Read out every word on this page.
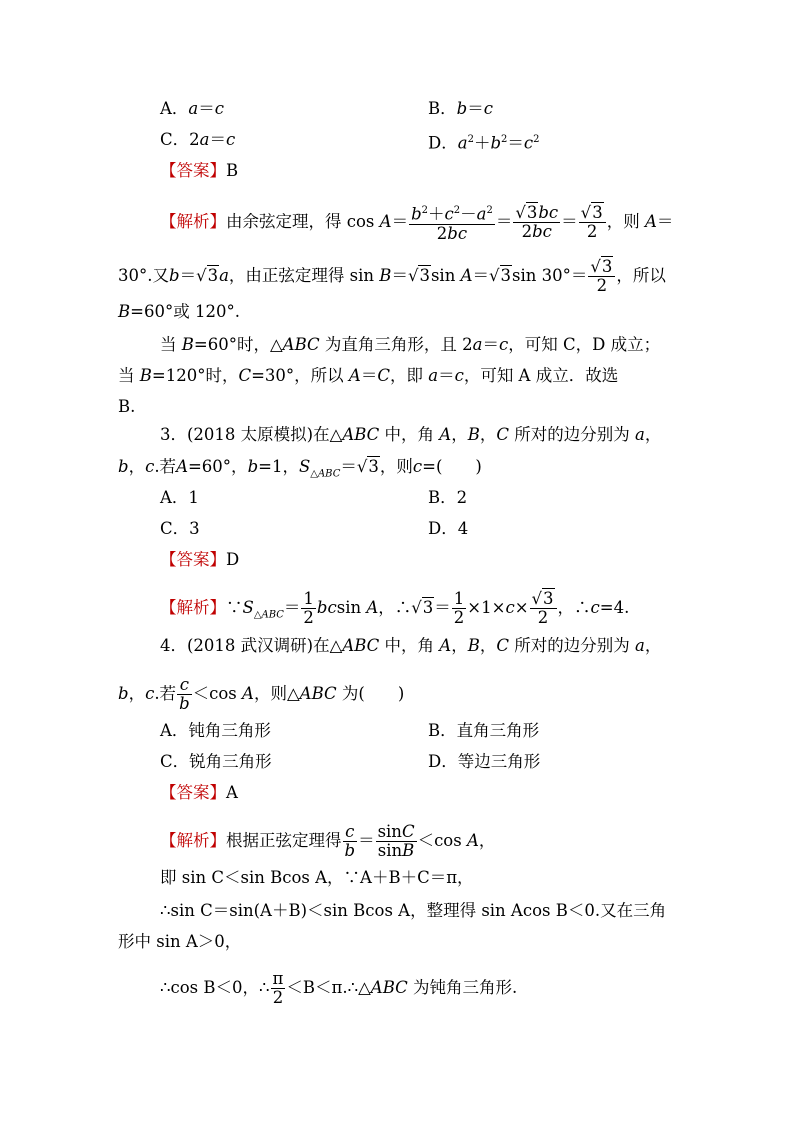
A．a＝c	B．b＝c
C．2a＝c	D．$a^2+b^2=c^2$
【答案】B
【解析】由余弦定理，得 $\cos A= \frac{b^2+c^2-a^2}{2bc} = \frac{√3bc}{2bc} = \frac{√3}{2}$ ，则 A＝
30°.又b＝√3a，由正弦定理得 sin B＝√3sin A＝√3sin $30^\circ= \frac{√3}{2}$ ，所以
B=60°或 120°.
当 B=60°时，△ABC 为直角三角形，且 2a＝c，可知 C，D 成立；
当 B=120°时，C=30°，所以 A＝C，即 a＝c，可知 A 成立．故选
B.
3．(2018 太原模拟)在△ABC 中，角 A，B，C 所对的边分别为 a，
b，c.若A=60°，b=1，$S_{\triangle ABC}=√3$，则c=(　　)
A．1	B．2
C．3	D．4
【答案】D
【解析】$\because S_{\triangle ABC}= \frac{1}{2}$ bcsin A，∴√3＝ $\frac{1}{2} \times 1\times c\times \frac{√3}{2}$ ，∴c=4.
4．(2018 武汉调研)在△ABC 中，角 A，B，C 所对的边分别为 a，
b，c.若 $\frac{c}{b} <\cos$ A，则△ABC 为(　　)
A．钝角三角形	B．直角三角形
C．锐角三角形	D．等边三角形
【答案】A
【解析】根据正弦定理得 $\frac{c}{b} = \frac{\sin C}{\sin B} <\cos$ A，
即 sin C＜sin Bcos A，∵A＋B＋C＝π，
∴sin C＝sin(A＋B)＜sin Bcos A，整理得 sin Acos B＜0.又在三角
形中 sin A＞0，
∴cos B＜0，∴ $\frac{\pi}{2}$ ＜B＜π.∴△ABC 为钝角三角形.
